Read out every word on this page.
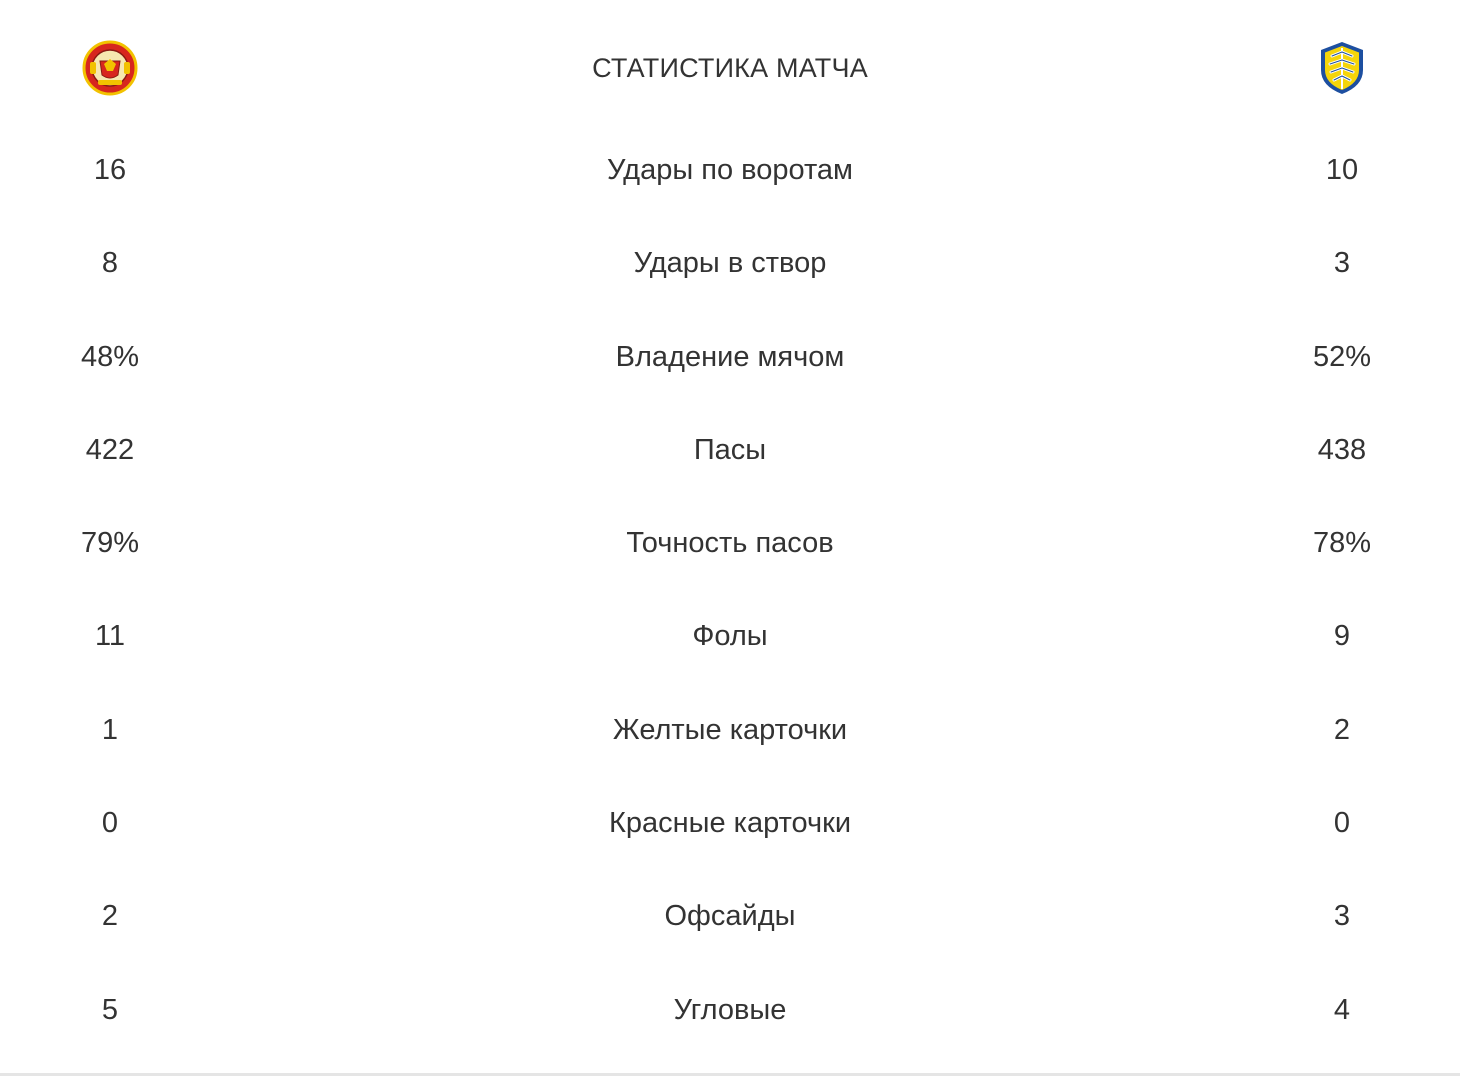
СТАТИСТИКА МАТЧА
16	Удары по воротам	10
8	Удары в створ	3
48%	Владение мячом	52%
422	Пасы	438
79%	Точность пасов	78%
11	Фолы	9
1	Желтые карточки	2
0	Красные карточки	0
2	Офсайды	3
5	Угловые	4
